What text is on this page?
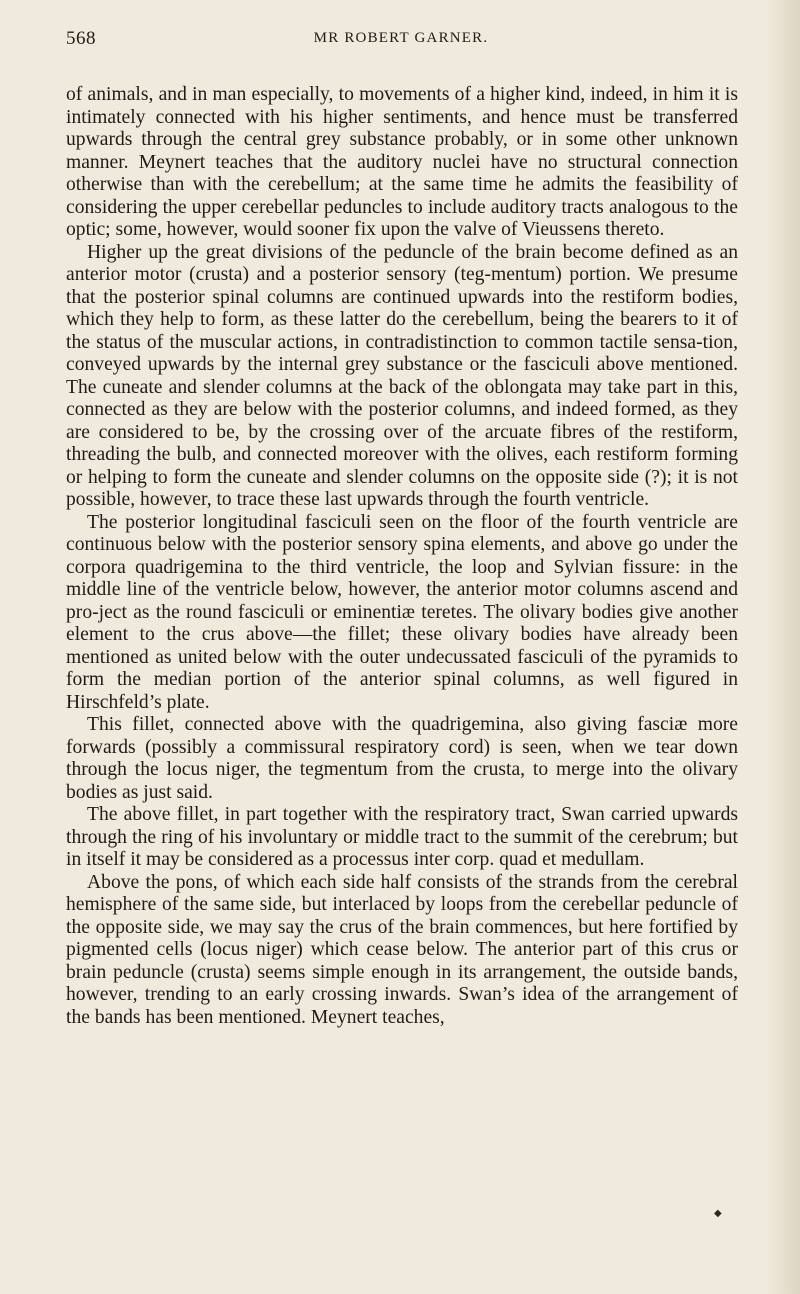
568	MR ROBERT GARNER.

of animals, and in man especially, to movements of a higher kind, indeed, in him it is intimately connected with his higher sentiments, and hence must be transferred upwards through the central grey substance probably, or in some other unknown manner. Meynert teaches that the auditory nuclei have no structural connection otherwise than with the cerebellum; at the same time he admits the feasibility of considering the upper cerebellar peduncles to include auditory tracts analogous to the optic; some, however, would sooner fix upon the valve of Vieussens thereto.

Higher up the great divisions of the peduncle of the brain become defined as an anterior motor (crusta) and a posterior sensory (teg-mentum) portion. We presume that the posterior spinal columns are continued upwards into the restiform bodies, which they help to form, as these latter do the cerebellum, being the bearers to it of the status of the muscular actions, in contradistinction to common tactile sensa-tion, conveyed upwards by the internal grey substance or the fasciculi above mentioned. The cuneate and slender columns at the back of the oblongata may take part in this, connected as they are below with the posterior columns, and indeed formed, as they are considered to be, by the crossing over of the arcuate fibres of the restiform, threading the bulb, and connected moreover with the olives, each restiform forming or helping to form the cuneate and slender columns on the opposite side (?); it is not possible, however, to trace these last upwards through the fourth ventricle.

The posterior longitudinal fasciculi seen on the floor of the fourth ventricle are continuous below with the posterior sensory spina elements, and above go under the corpora quadrigemina to the third ventricle, the loop and Sylvian fissure: in the middle line of the ventricle below, however, the anterior motor columns ascend and pro-ject as the round fasciculi or eminentiæ teretes. The olivary bodies give another element to the crus above—the fillet; these olivary bodies have already been mentioned as united below with the outer undecussated fasciculi of the pyramids to form the median portion of the anterior spinal columns, as well figured in Hirschfeld’s plate.

This fillet, connected above with the quadrigemina, also giving fasciæ more forwards (possibly a commissural respiratory cord) is seen, when we tear down through the locus niger, the tegmentum from the crusta, to merge into the olivary bodies as just said.

The above fillet, in part together with the respiratory tract, Swan carried upwards through the ring of his involuntary or middle tract to the summit of the cerebrum; but in itself it may be considered as a processus inter corp. quad et medullam.

Above the pons, of which each side half consists of the strands from the cerebral hemisphere of the same side, but interlaced by loops from the cerebellar peduncle of the opposite side, we may say the crus of the brain commences, but here fortified by pigmented cells (locus niger) which cease below. The anterior part of this crus or brain peduncle (crusta) seems simple enough in its arrangement, the outside bands, however, trending to an early crossing inwards. Swan’s idea of the arrangement of the bands has been mentioned. Meynert teaches,

◆
